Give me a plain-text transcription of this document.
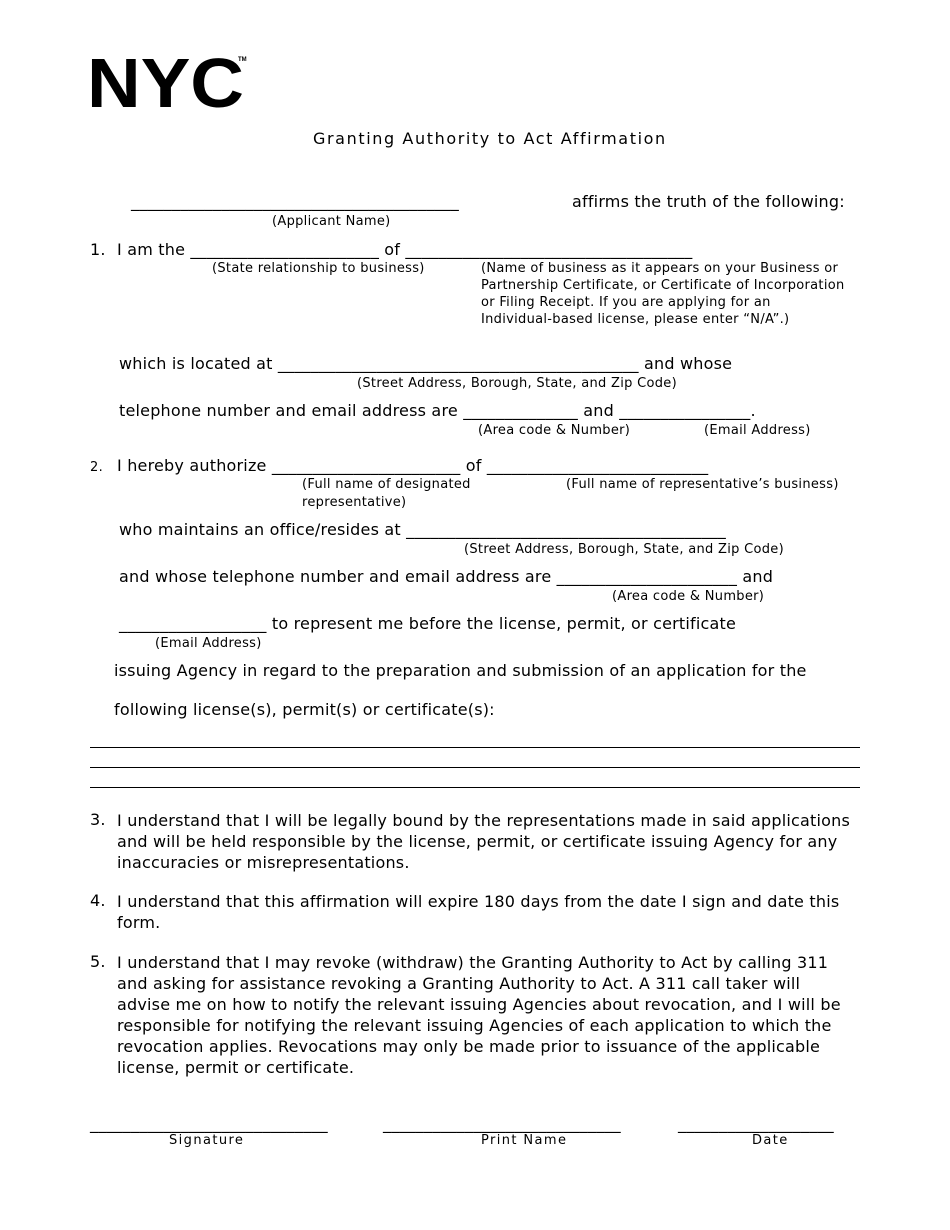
NYC
TM
Granting Authority to Act Affirmation
________________________________________	affirms the truth of the following:
(Applicant Name)
1. I am the _______________________ of ___________________________________
(State relationship to business)	(Name of business as it appears on your Business or
Partnership Certificate, or Certificate of Incorporation
or Filing Receipt. If you are applying for an
Individual-based license, please enter “N/A”.)
which is located at ____________________________________________ and whose
(Street Address, Borough, State, and Zip Code)
telephone number and email address are ______________ and ________________.
(Area code & Number)	(Email Address)
2. I hereby authorize _______________________ of ___________________________
(Full name of designated
representative)
(Full name of representative’s business)
who maintains an office/resides at _______________________________________
(Street Address, Borough, State, and Zip Code)
and whose telephone number and email address are ______________________ and
(Area code & Number)
__________________ to represent me before the license, permit, or certificate
(Email Address)
issuing Agency in regard to the preparation and submission of an application for the
following license(s), permit(s) or certificate(s):
3. I understand that I will be legally bound by the representations made in said applications and will be held responsible by the license, permit, or certificate issuing Agency for any inaccuracies or misrepresentations.
4. I understand that this affirmation will expire 180 days from the date I sign and date this form.
5. I understand that I may revoke (withdraw) the Granting Authority to Act by calling 311 and asking for assistance revoking a Granting Authority to Act. A 311 call taker will advise me on how to notify the relevant issuing Agencies about revocation, and I will be responsible for notifying the relevant issuing Agencies of each application to which the revocation applies. Revocations may only be made prior to issuance of the applicable license, permit or certificate.
_____________________________	_____________________________	___________________
Signature	Print Name	Date
